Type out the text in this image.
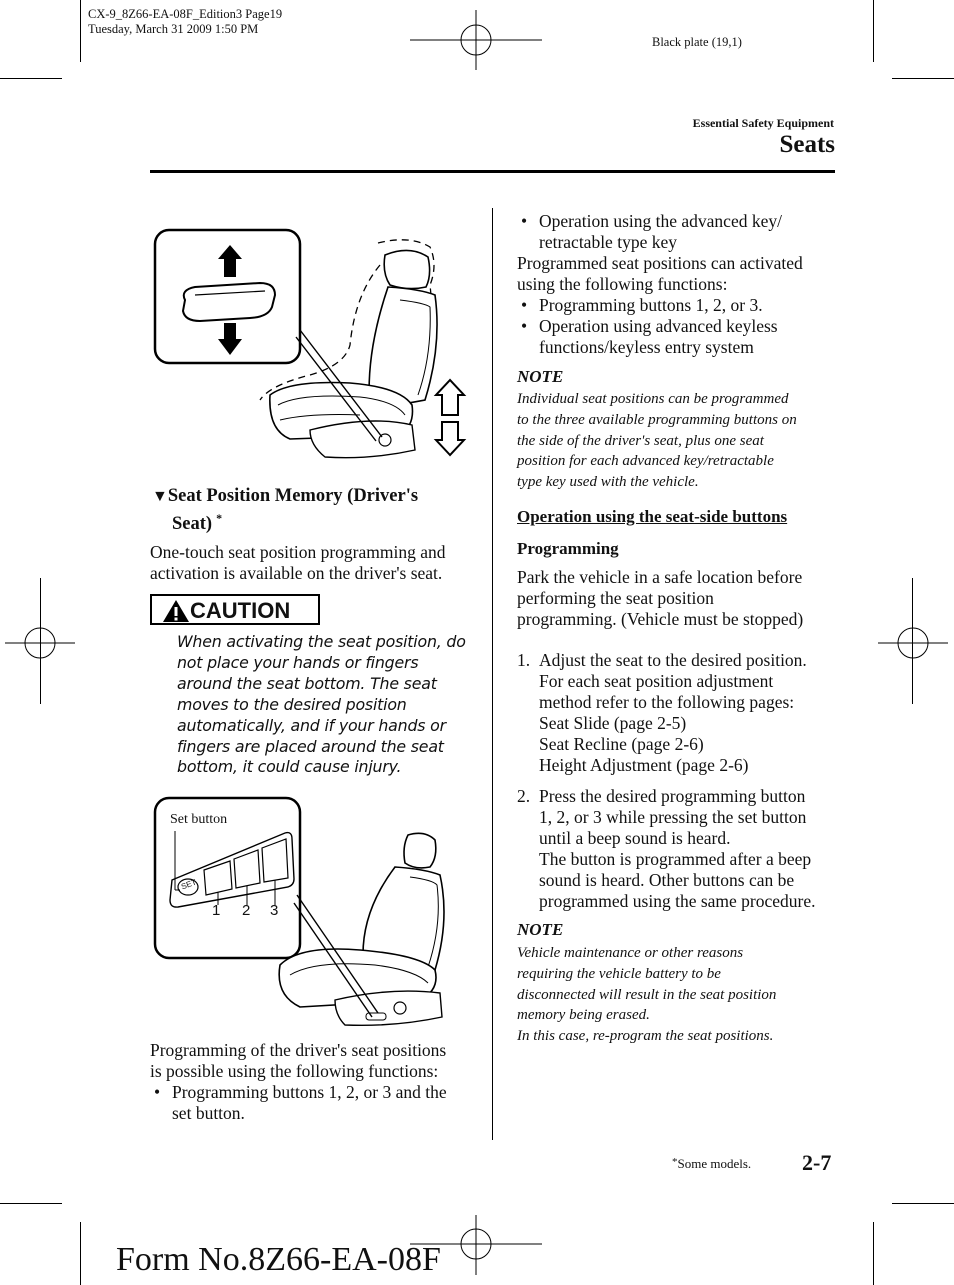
CX-9_8Z66-EA-08F_Edition3 Page19
Tuesday, March 31 2009 1:50 PM
Black plate (19,1)
Essential Safety Equipment
Seats
▼Seat Position Memory (Driver's
Seat) *
One-touch seat position programming and
activation is available on the driver's seat.
CAUTION
When activating the seat position, do
not place your hands or fingers
around the seat bottom. The seat
moves to the desired position
automatically, and if your hands or
fingers are placed around the seat
bottom, it could cause injury.
Set button
SET
1 2 3
Programming of the driver's seat positions
is possible using the following functions:
• Programming buttons 1, 2, or 3 and the
set button.
• Operation using the advanced key/
retractable type key
Programmed seat positions can activated
using the following functions:
• Programming buttons 1, 2, or 3.
• Operation using advanced keyless
functions/keyless entry system
NOTE
Individual seat positions can be programmed
to the three available programming buttons on
the side of the driver's seat, plus one seat
position for each advanced key/retractable
type key used with the vehicle.
Operation using the seat-side buttons
Programming
Park the vehicle in a safe location before
performing the seat position
programming. (Vehicle must be stopped)
1. Adjust the seat to the desired position.
For each seat position adjustment
method refer to the following pages:
Seat Slide (page 2-5)
Seat Recline (page 2-6)
Height Adjustment (page 2-6)
2. Press the desired programming button
1, 2, or 3 while pressing the set button
until a beep sound is heard.
The button is programmed after a beep
sound is heard. Other buttons can be
programmed using the same procedure.
NOTE
Vehicle maintenance or other reasons
requiring the vehicle battery to be
disconnected will result in the seat position
memory being erased.
In this case, re-program the seat positions.
*Some models. 2-7
Form No.8Z66-EA-08F
